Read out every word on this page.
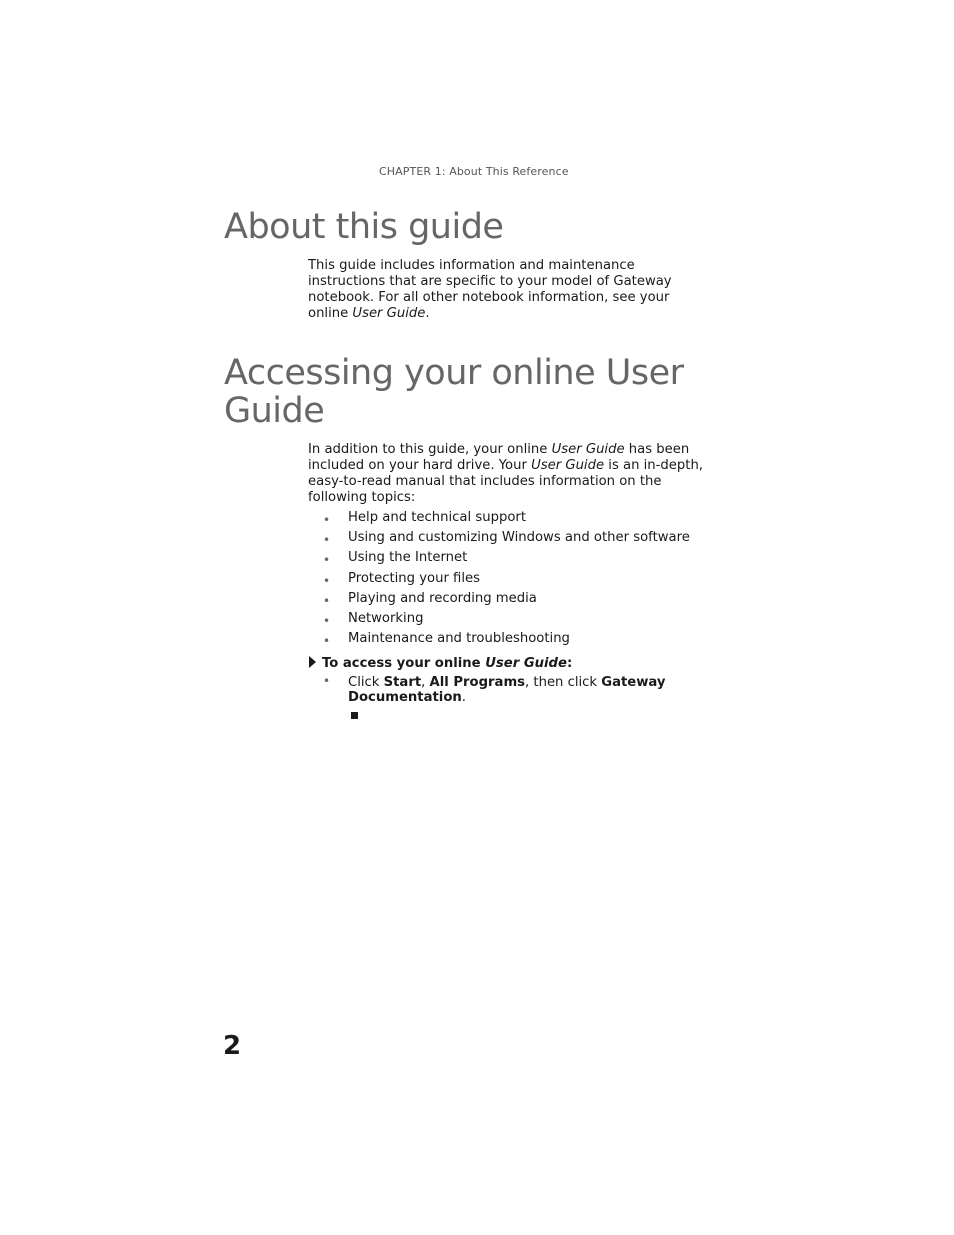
CHAPTER 1: About This Reference
About this guide

This guide includes information and maintenance instructions that are specific to your model of Gateway notebook. For all other notebook information, see your online User Guide.

Accessing your online User Guide

In addition to this guide, your online User Guide has been included on your hard drive. Your User Guide is an in-depth, easy-to-read manual that includes information on the following topics:

• Help and technical support
• Using and customizing Windows and other software
• Using the Internet
• Protecting your files
• Playing and recording media
• Networking
• Maintenance and troubleshooting
To access your online User Guide:
• Click Start, All Programs, then click Gateway Documentation.
2
